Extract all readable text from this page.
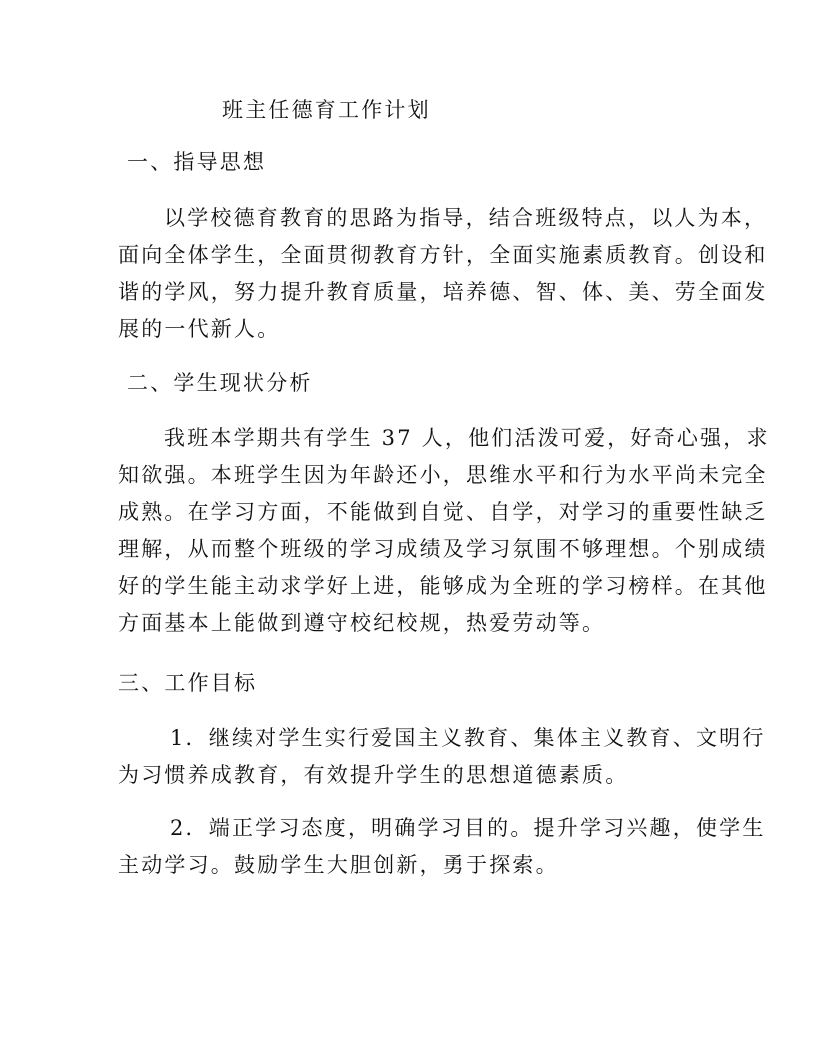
班主任德育工作计划
一、指导思想
以学校德育教育的思路为指导，结合班级特点，以人为本，
面向全体学生，全面贯彻教育方针，全面实施素质教育。创设和
谐的学风，努力提升教育质量，培养德、智、体、美、劳全面发
展的一代新人。
二、学生现状分析
我班本学期共有学生 37 人，他们活泼可爱，好奇心强，求
知欲强。本班学生因为年龄还小，思维水平和行为水平尚未完全
成熟。在学习方面，不能做到自觉、自学，对学习的重要性缺乏
理解，从而整个班级的学习成绩及学习氛围不够理想。个别成绩
好的学生能主动求学好上进，能够成为全班的学习榜样。在其他
方面基本上能做到遵守校纪校规，热爱劳动等。
三、工作目标
1．继续对学生实行爱国主义教育、集体主义教育、文明行
为习惯养成教育，有效提升学生的思想道德素质。
2．端正学习态度，明确学习目的。提升学习兴趣，使学生
主动学习。鼓励学生大胆创新，勇于探索。
